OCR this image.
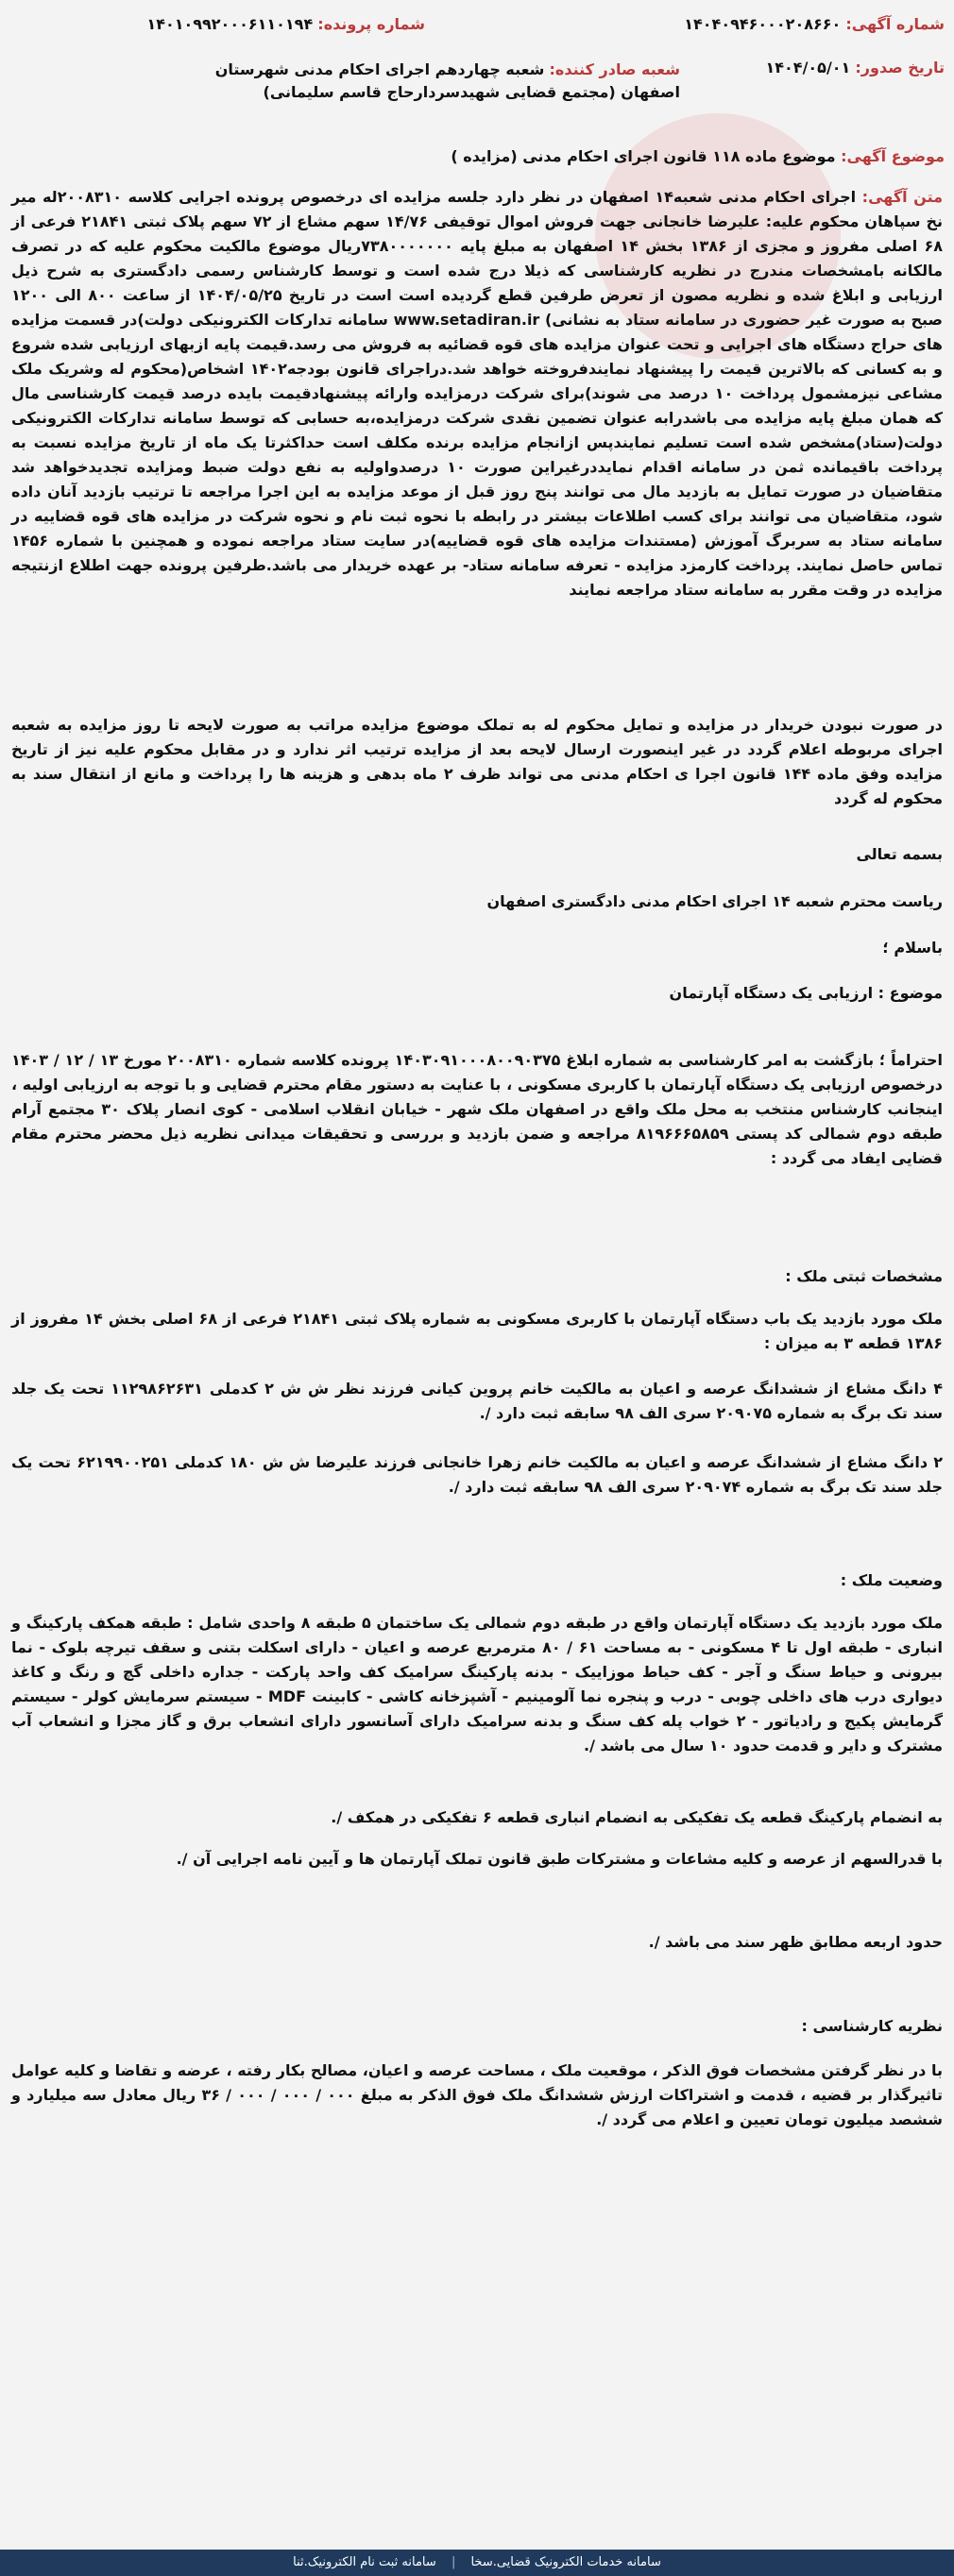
شماره آگهی: ۱۴۰۴۰۹۴۶۰۰۰۲۰۸۶۶۰
شماره پرونده: ۱۴۰۱۰۹۹۲۰۰۰۶۱۱۰۱۹۴
تاریخ صدور: ۱۴۰۴/۰۵/۰۱
شعبه صادر کننده: شعبه چهاردهم اجرای احکام مدنی شهرستان اصفهان (مجتمع قضایی شهیدسردارحاج قاسم سلیمانی)
موضوع آگهی: موضوع ماده ۱۱۸ قانون اجرای احکام مدنی (مزایده )
متن آگهی: اجرای احکام مدنی شعبه۱۴ اصفهان در نظر دارد جلسه مزایده ای درخصوص پرونده اجرایی کلاسه ۲۰۰۸۳۱۰له میر نخ سپاهان محکوم علیه: علیرضا خانجانی جهت فروش اموال توقیفی ۱۴/۷۶ سهم مشاع از ۷۲ سهم پلاک ثبتی ۲۱۸۴۱ فرعی از ۶۸ اصلی مفروز و مجزی از ۱۳۸۶ بخش ۱۴ اصفهان به مبلغ پایه ۷۳۸۰۰۰۰۰۰۰ریال موضوع مالکیت محکوم علیه که در تصرف مالکانه بامشخصات مندرج در نظریه کارشناسی که ذیلا درج شده است و توسط کارشناس رسمی دادگستری به شرح ذیل ارزیابی و ابلاغ شده و نظریه مصون از تعرض طرفین قطع گردیده است است در تاریخ ۱۴۰۴/۰۵/۲۵ از ساعت ۸۰۰ الی ۱۲۰۰ صبح به صورت غیر حضوری در سامانه ستاد به نشانی) www.setadiran.ir سامانه تدارکات الکترونیکی دولت)در قسمت مزایده های حراج دستگاه های اجرایی و تحت عنوان مزایده های قوه قضائیه به فروش می رسد.قیمت پایه ازبهای ارزیابی شده شروع و به کسانی که بالاترین قیمت را پیشنهاد نمایندفروخته خواهد شد.دراجرای قانون بودجه۱۴۰۲ اشخاص(محکوم له وشریک ملک مشاعی نیزمشمول پرداخت ۱۰ درصد می شوند)برای شرکت درمزایده وارائه پیشنهادقیمت بایده درصد قیمت کارشناسی مال که همان مبلغ پایه مزایده می باشدرابه عنوان تضمین نقدی شرکت درمزایده،به حسابی که توسط سامانه تدارکات الکترونیکی دولت(ستاد)مشخص شده است تسلیم نمایندپس ازانجام مزایده برنده مکلف است حداکثرتا یک ماه از تاریخ مزایده نسبت به پرداخت باقیمانده ثمن در سامانه اقدام نمایددرغیراین صورت ۱۰ درصدواولیه به نفع دولت ضبط ومزایده تجدیدخواهد شد متقاضیان در صورت تمایل به بازدید مال می توانند پنج روز قبل از موعد مزایده به این اجرا مراجعه تا ترتیب بازدید آنان داده شود، متقاضیان می توانند برای کسب اطلاعات بیشتر در رابطه با نحوه ثبت نام و نحوه شرکت در مزایده های قوه قضاییه در سامانه ستاد به سربرگ آموزش (مستندات مزایده های قوه قضاییه)در سایت ستاد مراجعه نموده و همچنین با شماره ۱۴۵۶ تماس حاصل نمایند. پرداخت کارمزد مزایده - تعرفه سامانه ستاد- بر عهده خریدار می باشد.طرفین پرونده جهت اطلاع ازنتیجه مزایده در وقت مقرر به سامانه ستاد مراجعه نمایند
در صورت نبودن خریدار در مزایده و تمایل محکوم له به تملک موضوع مزایده مراتب به صورت لایحه تا روز مزایده به شعبه اجرای مربوطه اعلام گردد در غیر اینصورت ارسال لایحه بعد از مزایده ترتیب اثر ندارد و در مقابل محکوم علیه نیز از تاریخ مزایده وفق ماده ۱۴۴ قانون اجرا ی احکام مدنی می تواند ظرف ۲ ماه بدهی و هزینه ها را پرداخت و مانع از انتقال سند به محکوم له گردد
بسمه تعالی
ریاست محترم شعبه ۱۴ اجرای احکام مدنی دادگستری اصفهان
باسلام ؛
موضوع : ارزیابی یک دستگاه آپارتمان
احتراماً ؛ بازگشت به امر کارشناسی به شماره ابلاغ ۱۴۰۳۰۹۱۰۰۰۸۰۰۹۰۳۷۵ پرونده کلاسه شماره ۲۰۰۸۳۱۰ مورخ ۱۳ / ۱۲ / ۱۴۰۳ درخصوص ارزیابی یک دستگاه آپارتمان با کاربری مسکونی ، با عنایت به دستور مقام محترم قضایی و با توجه به ارزیابی اولیه ، اینجانب کارشناس منتخب به محل ملک واقع در اصفهان ملک شهر - خیابان انقلاب اسلامی - کوی انصار پلاک ۳۰ مجتمع آرام طبقه دوم شمالی کد پستی ۸۱۹۶۶۶۵۸۵۹ مراجعه و ضمن بازدید و بررسی و تحقیقات میدانی نظریه ذیل محضر محترم مقام قضایی ایفاد می گردد :
مشخصات ثبتی ملک :
ملک مورد بازدید یک باب دستگاه آپارتمان با کاربری مسکونی به شماره پلاک ثبتی ۲۱۸۴۱ فرعی از ۶۸ اصلی بخش ۱۴ مفروز از ۱۳۸۶ قطعه ۳ به میزان :
۴ دانگ مشاع از ششدانگ عرصه و اعیان به مالکیت خانم پروین کیانی فرزند نظر ش ش ۲ کدملی ۱۱۲۹۸۶۲۶۳۱ تحت یک جلد سند تک برگ به شماره ۲۰۹۰۷۵ سری الف ۹۸ سابقه ثبت دارد /.
۲ دانگ مشاع از ششدانگ عرصه و اعیان به مالکیت خانم زهرا خانجانی فرزند علیرضا ش ش ۱۸۰ کدملی ۶۲۱۹۹۰۰۲۵۱ تحت یک جلد سند تک برگ به شماره ۲۰۹۰۷۴ سری الف ۹۸ سابقه ثبت دارد /.
وضعیت ملک :
ملک مورد بازدید یک دستگاه آپارتمان واقع در طبقه دوم شمالی یک ساختمان ۵ طبقه ۸ واحدی شامل : طبقه همکف پارکینگ و انباری - طبقه اول تا ۴ مسکونی - به مساحت ۶۱ / ۸۰ مترمربع عرصه و اعیان - دارای اسکلت بتنی و سقف تیرچه بلوک - نما بیرونی و حیاط سنگ و آجر - کف حیاط موزاییک - بدنه پارکینگ سرامیک کف واحد پارکت - جداره داخلی گچ و رنگ و کاغذ دیواری درب های داخلی چوبی - درب و پنجره نما آلومینیم - آشپزخانه کاشی - کابینت MDF - سیستم سرمایش کولر - سیستم گرمایش پکیج و رادیاتور - ۲ خواب پله کف سنگ و بدنه سرامیک دارای آسانسور دارای انشعاب برق و گاز مجزا و انشعاب آب مشترک و دایر و قدمت حدود ۱۰ سال می باشد /.
به انضمام پارکینگ قطعه یک تفکیکی به انضمام انباری قطعه ۶ تفکیکی در همکف /.
با قدرالسهم از عرصه و کلیه مشاعات و مشترکات طبق قانون تملک آپارتمان ها و آیین نامه اجرایی آن /.
حدود اربعه مطابق ظهر سند می باشد /.
نظریه کارشناسی :
با در نظر گرفتن مشخصات فوق الذکر ، موقعیت ملک ، مساحت عرصه و اعیان، مصالح بکار رفته ، عرضه و تقاضا و کلیه عوامل تاثیرگذار بر قضیه ، قدمت و اشتراکات ارزش ششدانگ ملک فوق الذکر به مبلغ ۰۰۰ / ۰۰۰ / ۰۰۰ / ۳۶ ریال معادل سه میلیارد و ششصد میلیون تومان تعیین و اعلام می گردد /.
سامانه خدمات الکترونیک قضایی.سخا | سامانه ثبت نام الکترونیک.ثنا
